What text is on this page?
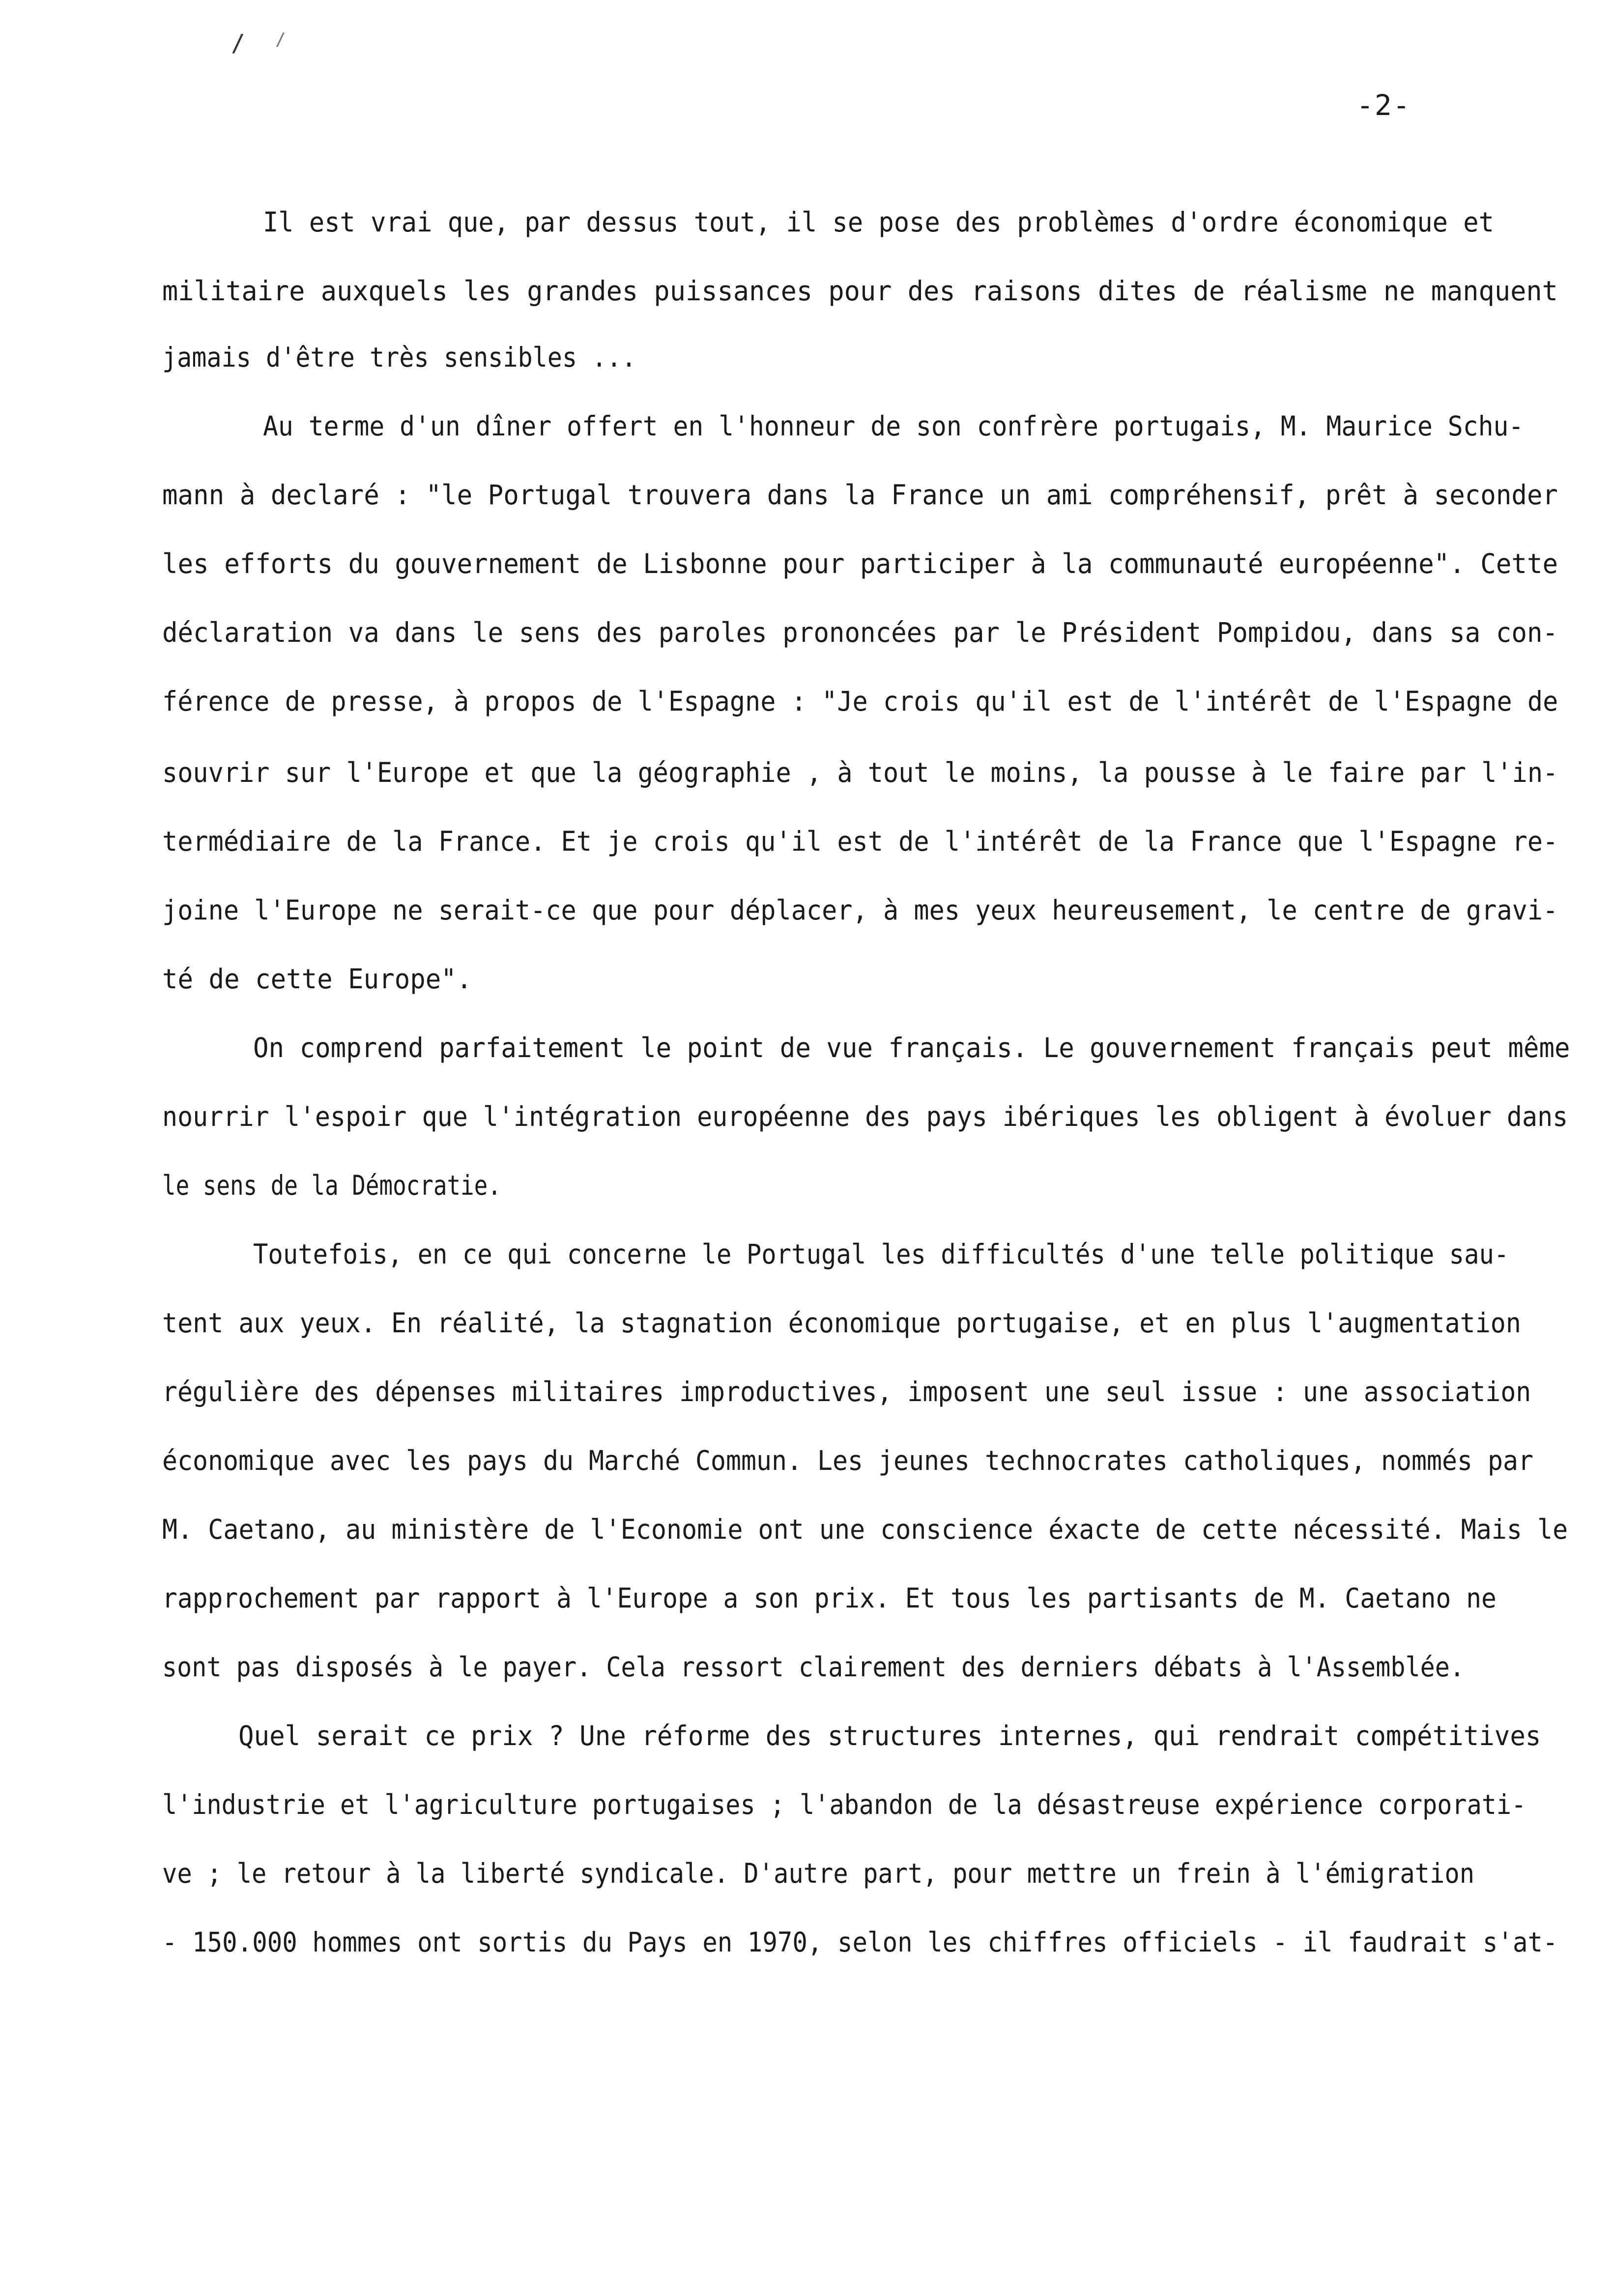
/ /
-2-
Il est vrai que, par dessus tout, il se pose des problèmes d'ordre économique et
militaire auxquels les grandes puissances pour des raisons dites de réalisme ne manquent
jamais d'être très sensibles ...
Au terme d'un dîner offert en l'honneur de son confrère portugais, M. Maurice Schu-
mann à declaré : "le Portugal trouvera dans la France un ami compréhensif, prêt à seconder
les efforts du gouvernement de Lisbonne pour participer à la communauté européenne". Cette
déclaration va dans le sens des paroles prononcées par le Président Pompidou, dans sa con-
férence de presse, à propos de l'Espagne : "Je crois qu'il est de l'intérêt de l'Espagne de
souvrir sur l'Europe et que la géographie , à tout le moins, la pousse à le faire par l'in-
termédiaire de la France. Et je crois qu'il est de l'intérêt de la France que l'Espagne re-
joine l'Europe ne serait-ce que pour déplacer, à mes yeux heureusement, le centre de gravi-
té de cette Europe".
On comprend parfaitement le point de vue français. Le gouvernement français peut même
nourrir l'espoir que l'intégration européenne des pays ibériques les obligent à évoluer dans
le sens de la Démocratie.
Toutefois, en ce qui concerne le Portugal les difficultés d'une telle politique sau-
tent aux yeux. En réalité, la stagnation économique portugaise, et en plus l'augmentation
régulière des dépenses militaires improductives, imposent une seul issue : une association
économique avec les pays du Marché Commun. Les jeunes technocrates catholiques, nommés par
M. Caetano, au ministère de l'Economie ont une conscience éxacte de cette nécessité. Mais le
rapprochement par rapport à l'Europe a son prix. Et tous les partisants de M. Caetano ne
sont pas disposés à le payer. Cela ressort clairement des derniers débats à l'Assemblée.
Quel serait ce prix ? Une réforme des structures internes, qui rendrait compétitives
l'industrie et l'agriculture portugaises ; l'abandon de la désastreuse expérience corporati-
ve ; le retour à la liberté syndicale. D'autre part, pour mettre un frein à l'émigration
- 150.000 hommes ont sortis du Pays en 1970, selon les chiffres officiels - il faudrait s'at-
